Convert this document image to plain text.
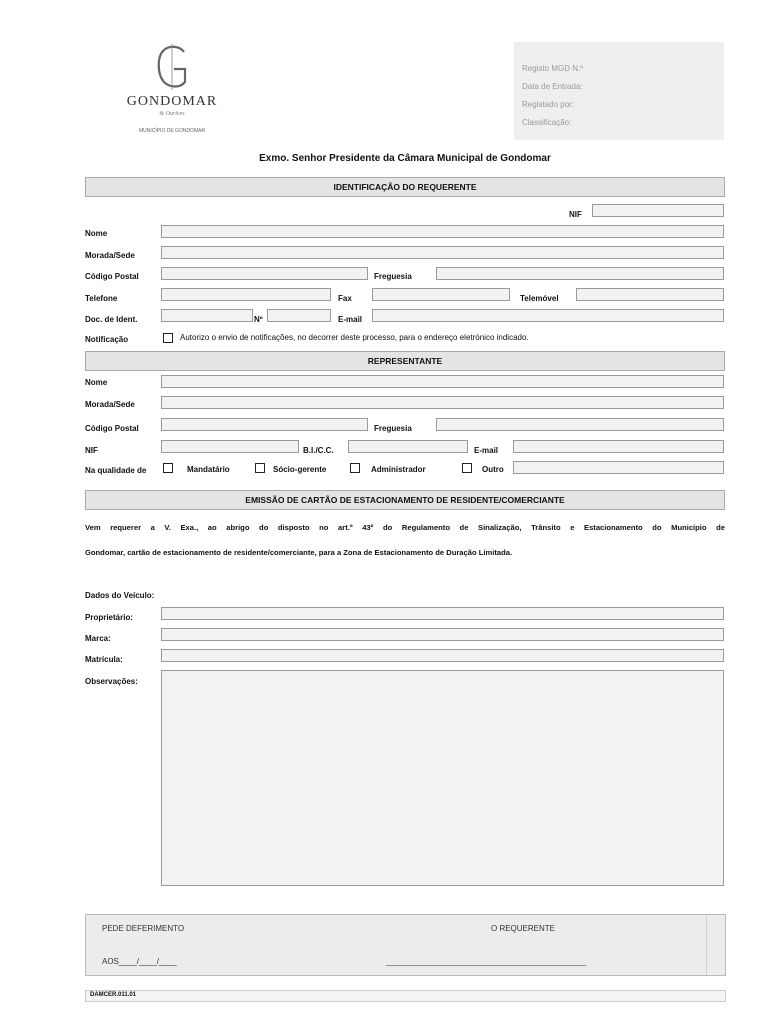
GONDOMAR
& Ourives
MUNICÍPIO DE GONDOMAR
Registo MGD N.º
Data de Entrada:
Registado por:
Classificação:
Exmo. Senhor Presidente da Câmara Municipal de Gondomar
IDENTIFICAÇÃO DO REQUERENTE
NIF
Nome
Morada/Sede
Código Postal	Freguesia
Telefone	Fax	Telemóvel
Doc. de Ident.	Nº	E-mail
Notificação	Autorizo o envio de notificações, no decorrer deste processo, para o endereço eletrónico indicado.
REPRESENTANTE
Nome
Morada/Sede
Código Postal	Freguesia
NIF	B.I./C.C.	E-mail
Na qualidade de	Mandatário	Sócio-gerente	Administrador	Outro
EMISSÃO DE CARTÃO DE ESTACIONAMENTO DE RESIDENTE/COMERCIANTE
Vem requerer a V. Exa., ao abrigo do disposto no art.º 43º do Regulamento de Sinalização, Trânsito e Estacionamento do Município de
Gondomar, cartão de estacionamento de residente/comerciante, para a Zona de Estacionamento de Duração Limitada.
Dados do Veículo:
Proprietário:
Marca:
Matrícula:
Observações:
PEDE DEFERIMENTO	O REQUERENTE
AOS____/____/____	_____________________________________________
DAMCER.011.01
